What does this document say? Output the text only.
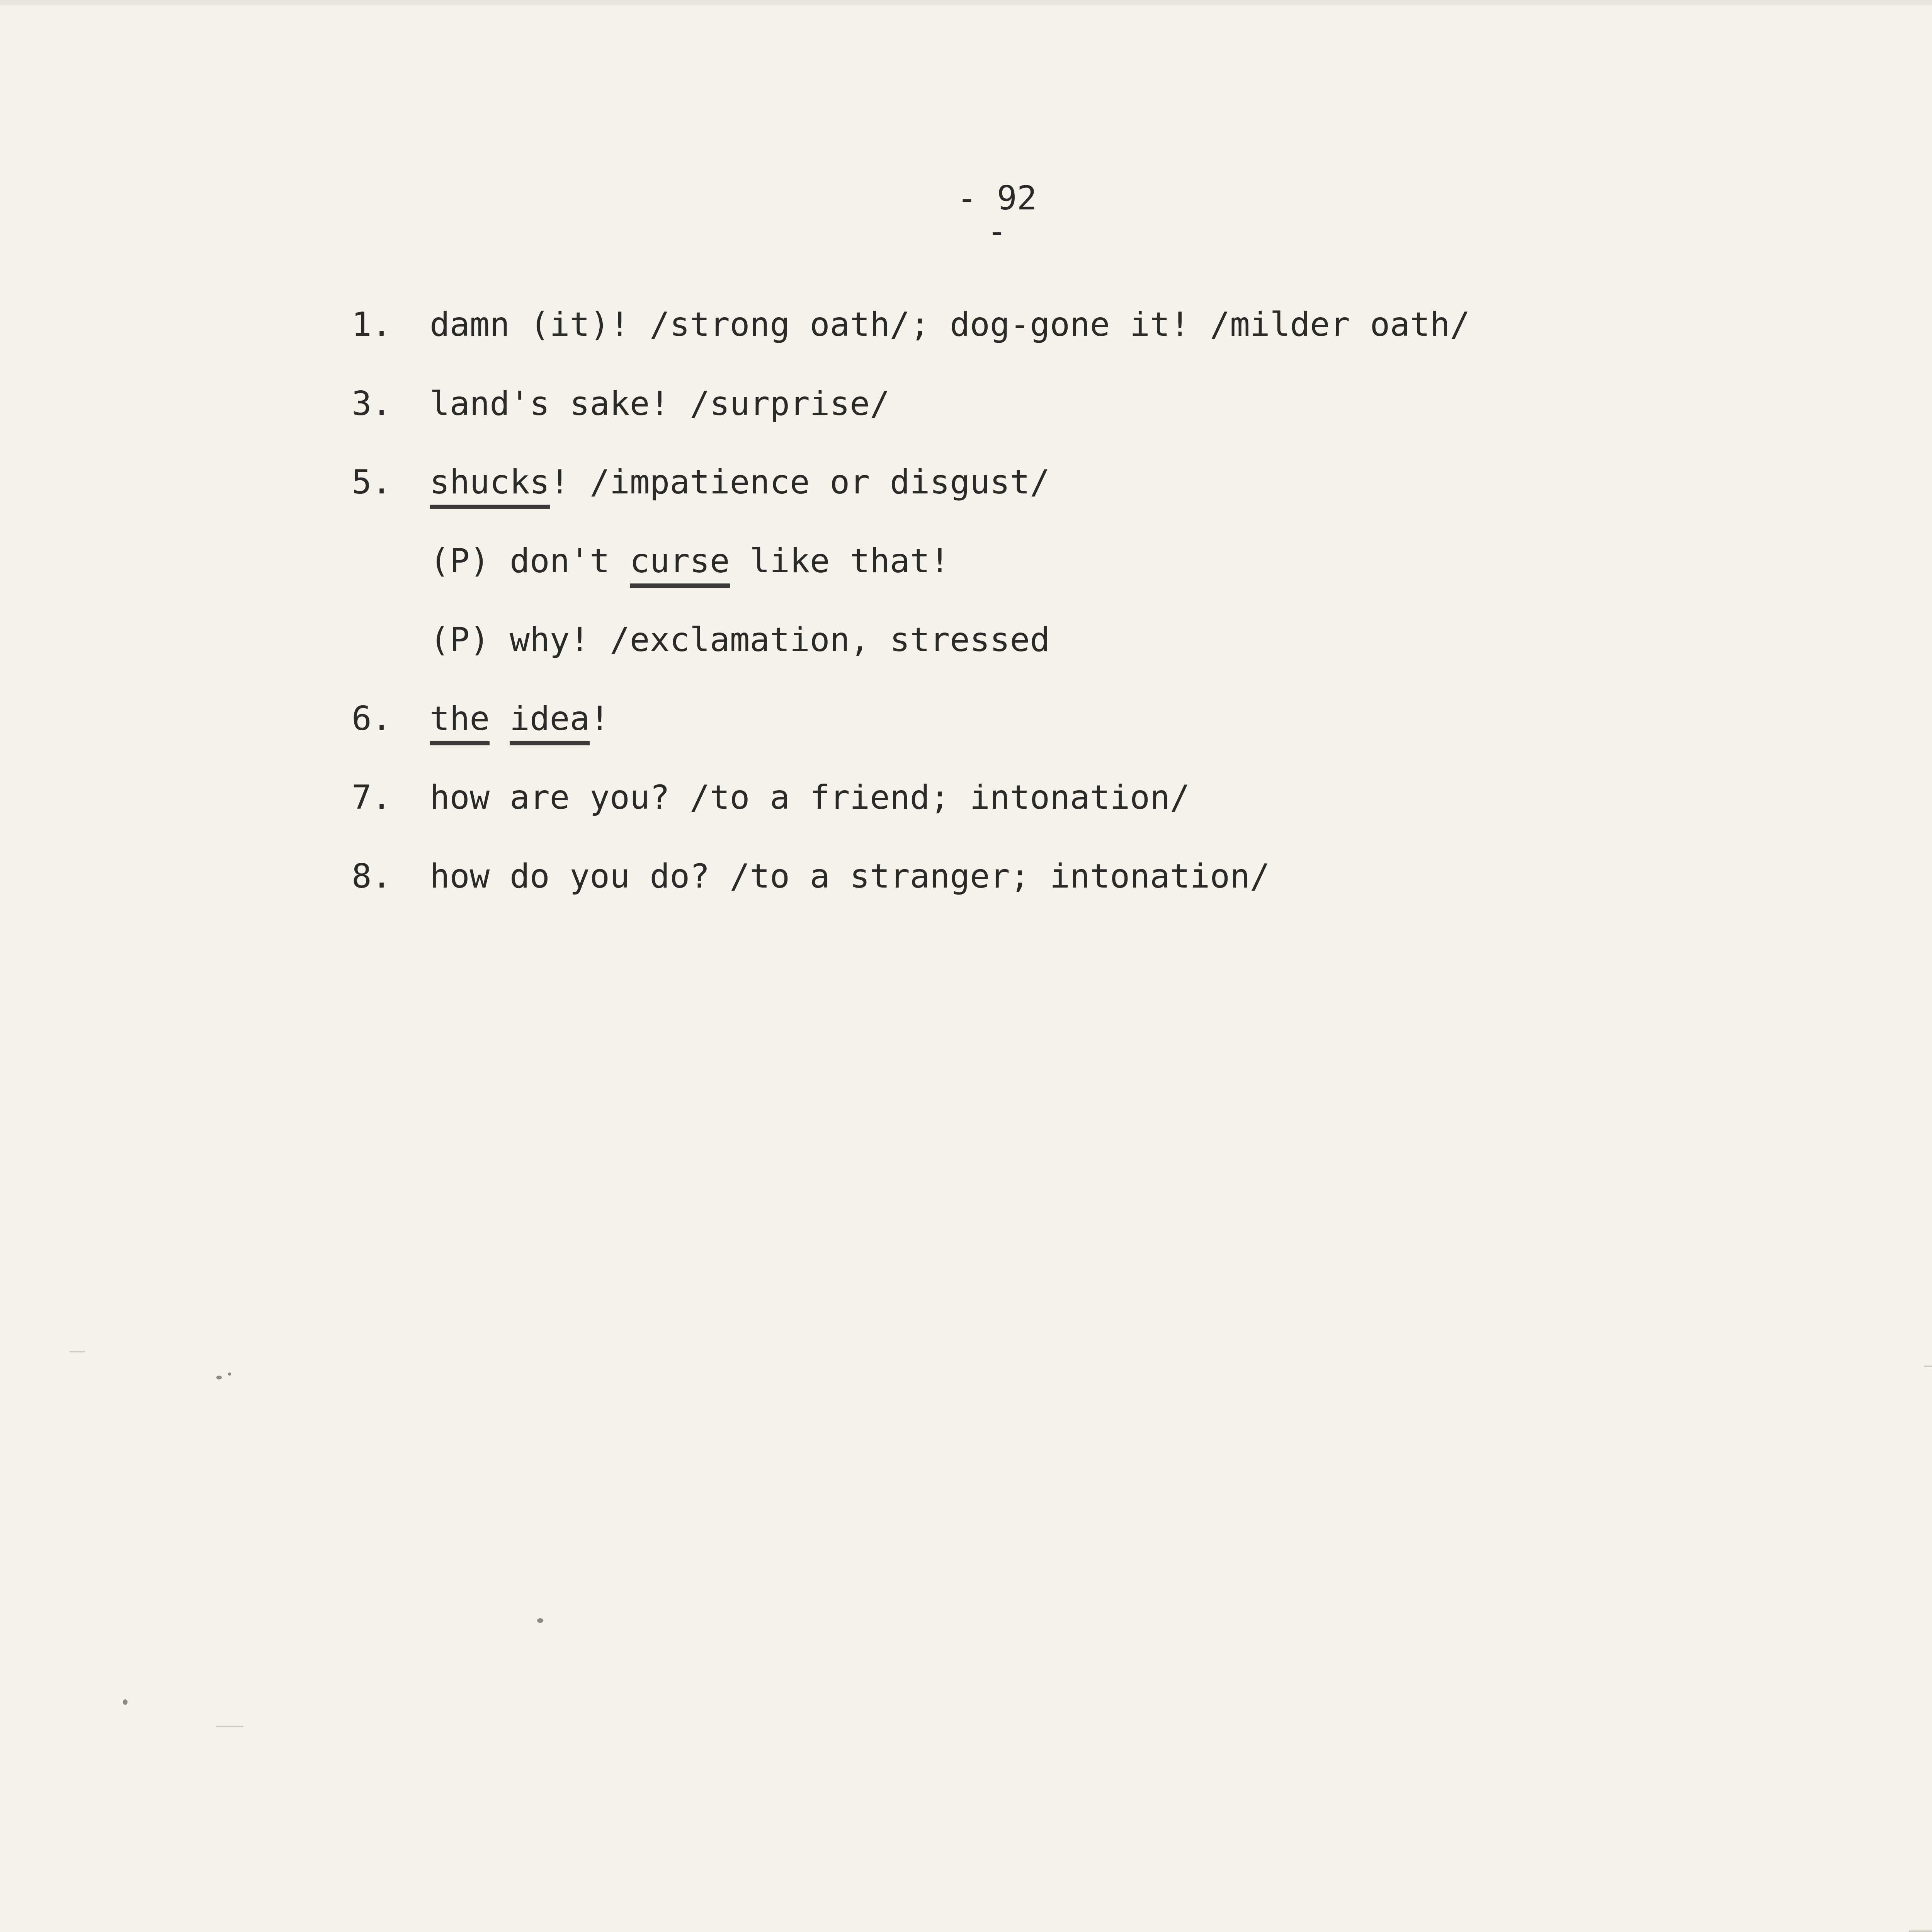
- 92 -
1.	damn (it)! /strong oath/; dog-gone it! /milder oath/
3.	land's sake! /surprise/
5.	shucks! /impatience or disgust/
(P) don't curse like that!
(P) why! /exclamation, stressed
6.	the idea!
7.	how are you? /to a friend; intonation/
8.	how do you do? /to a stranger; intonation/
